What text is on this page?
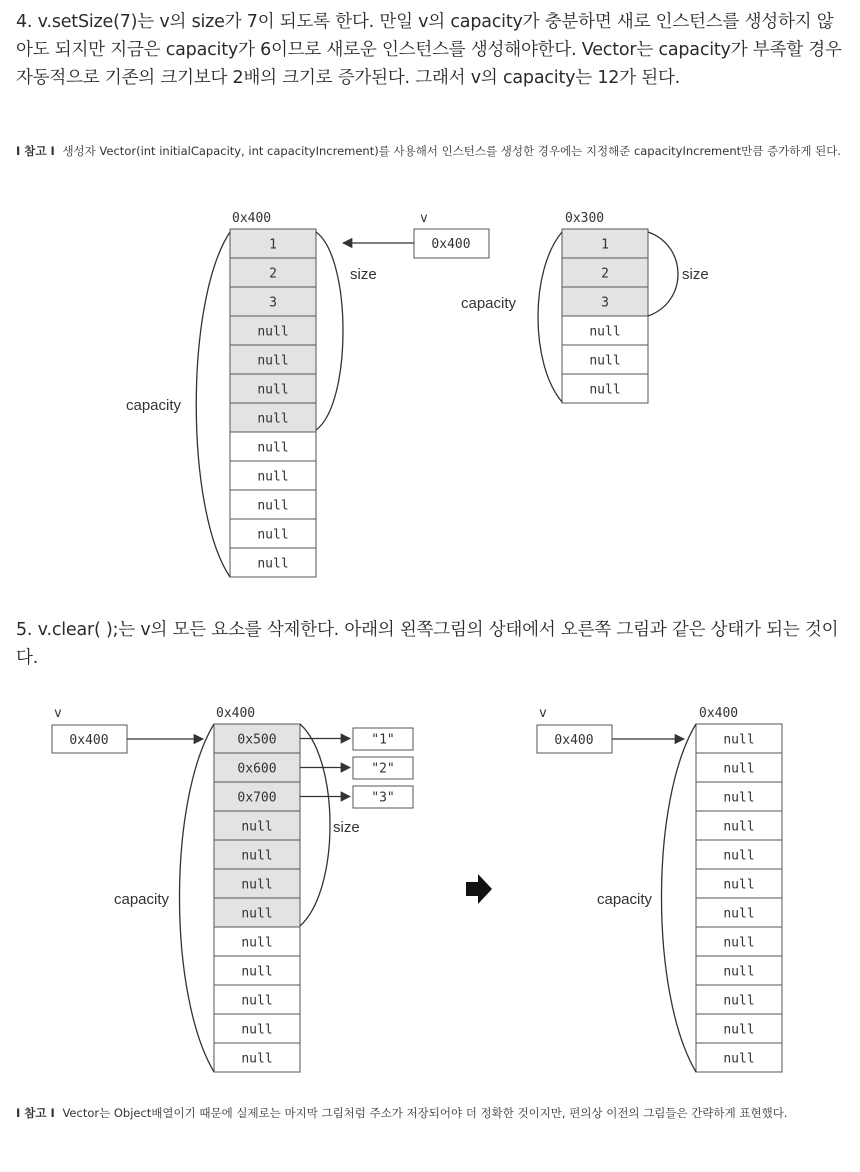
4. v.setSize(7)는 v의 size가 7이 되도록 한다. 만일 v의 capacity가 충분하면 새로 인스턴스를 생성하지 않아도 되지만 지금은 capacity가 6이므로 새로운 인스턴스를 생성해야한다. Vector는 capacity가 부족할 경우 자동적으로 기존의 크기보다 2배의 크기로 증가된다. 그래서 v의 capacity는 12가 된다.
I 참고 I 생성자 Vector(int initialCapacity, int capacityIncrement)를 사용해서 인스턴스를 생성한 경우에는 지정해준 capacityIncrement만큼 증가하게 된다.
5. v.clear( );는 v의 모든 요소를 삭제한다. 아래의 왼쪽그림의 상태에서 오른쪽 그림과 같은 상태가 되는 것이다.
I 참고 I Vector는 Object배열이기 때문에 실제로는 마지막 그림처럼 주소가 저장되어야 더 정확한 것이지만, 편의상 이전의 그림들은 간략하게 표현했다.
0x400
1
2
3
null
null
null
null
null
null
null
null
null
size
capacity
v
0x400
0x300
1
2
3
null
null
null
size
capacity
v
0x400
0x400
0x500
0x600
0x700
null
null
null
null
null
null
null
null
null
"1"
"2"
"3"
size
capacity
v
0x400
0x400
null
null
null
null
null
null
null
null
null
null
null
null
capacity
